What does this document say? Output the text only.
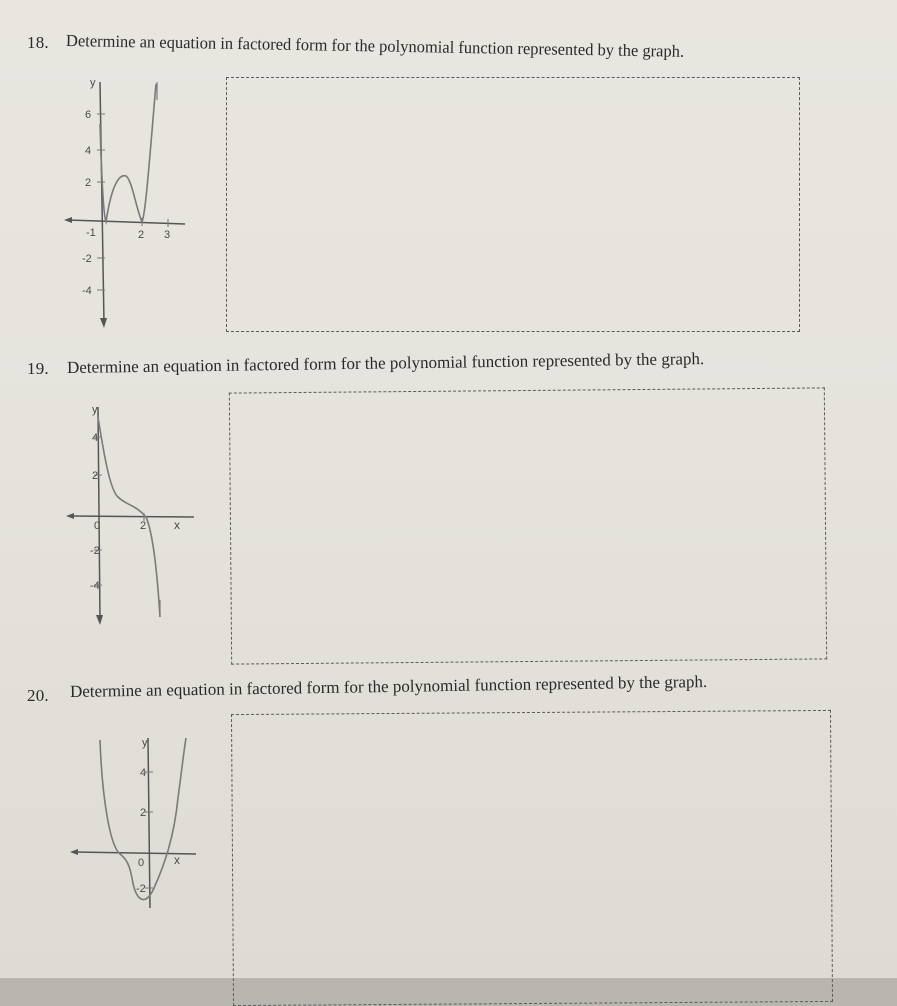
18. Determine an equation in factored form for the polynomial function represented by the graph.
y
6
4
2
-2
-4
-1	2 3
19. Determine an equation in factored form for the polynomial function represented by the graph.
y
x
4
2
-2
-4
0	2
20. Determine an equation in factored form for the polynomial function represented by the graph.
y
x
4
2
-2
0
